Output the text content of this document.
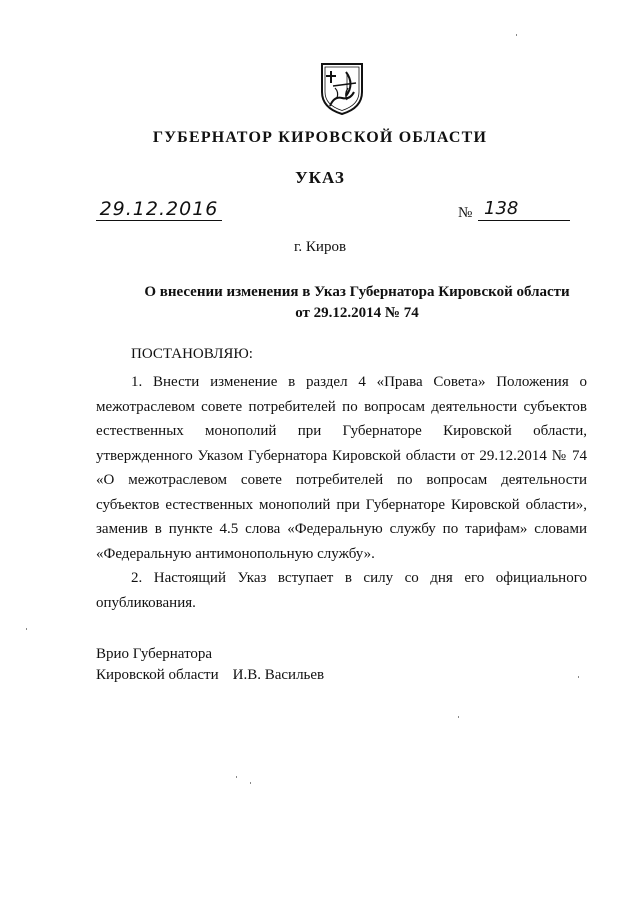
ГУБЕРНАТОР КИРОВСКОЙ ОБЛАСТИ
УКАЗ
29.12.2016	№ 138
г. Киров
О внесении изменения в Указ Губернатора Кировской области
от 29.12.2014 № 74
ПОСТАНОВЛЯЮ:

1. Внести изменение в раздел 4 «Права Совета» Положения о межотраслевом совете потребителей по вопросам деятельности субъектов естественных монополий при Губернаторе Кировской области, утвержденного Указом Губернатора Кировской области от 29.12.2014 № 74 «О межотраслевом совете потребителей по вопросам деятельности субъектов естественных монополий при Губернаторе Кировской области», заменив в пункте 4.5 слова «Федеральную службу по тарифам» словами «Федеральную антимонопольную службу».

2. Настоящий Указ вступает в силу со дня его официального опубликования.

Врио Губернатора
Кировской области И.В. Васильев
